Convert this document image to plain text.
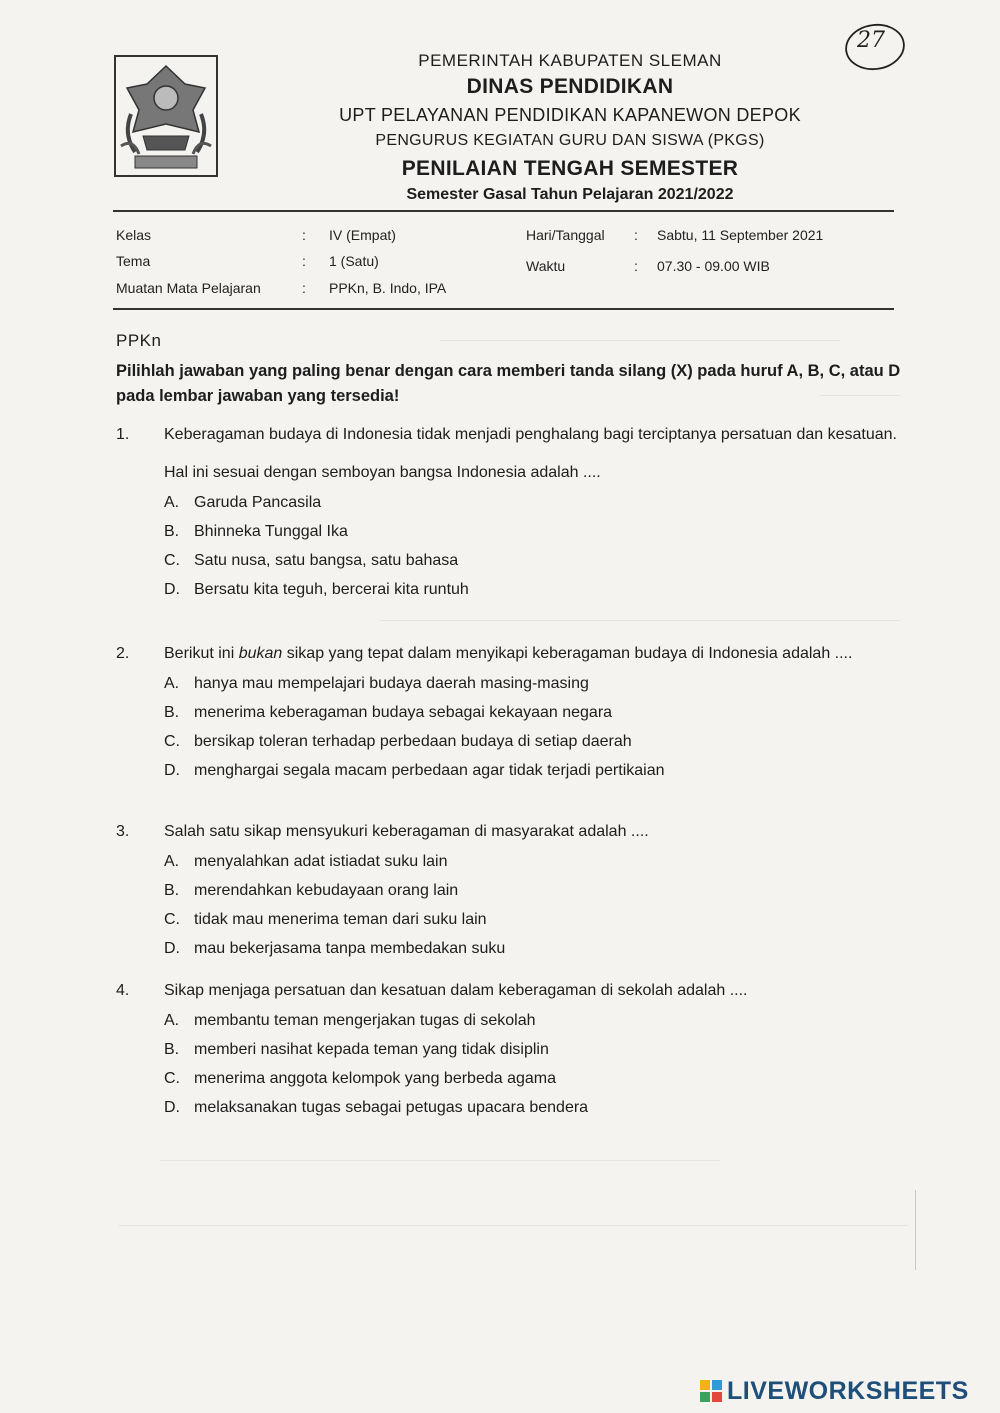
27
PEMERINTAH KABUPATEN SLEMAN
DINAS PENDIDIKAN
UPT PELAYANAN PENDIDIKAN KAPANEWON DEPOK
PENGURUS KEGIATAN GURU DAN SISWA (PKGS)
PENILAIAN TENGAH SEMESTER
Semester Gasal Tahun Pelajaran 2021/2022
Kelas	: IV (Empat)
Tema	: 1 (Satu)
Muatan Mata Pelajaran	: PPKn, B. Indo, IPA
Hari/Tanggal : Sabtu, 11 September 2021
Waktu	: 07.30 - 09.00 WIB
PPKn
Pilihlah jawaban yang paling benar dengan cara memberi tanda silang (X) pada huruf A, B, C, atau D pada lembar jawaban yang tersedia!
1. Keberagaman budaya di Indonesia tidak menjadi penghalang bagi terciptanya persatuan dan kesatuan.
Hal ini sesuai dengan semboyan bangsa Indonesia adalah ....
A. Garuda Pancasila
B. Bhinneka Tunggal Ika
C. Satu nusa, satu bangsa, satu bahasa
D. Bersatu kita teguh, bercerai kita runtuh
2. Berikut ini bukan sikap yang tepat dalam menyikapi keberagaman budaya di Indonesia adalah ....
A. hanya mau mempelajari budaya daerah masing-masing
B. menerima keberagaman budaya sebagai kekayaan negara
C. bersikap toleran terhadap perbedaan budaya di setiap daerah
D. menghargai segala macam perbedaan agar tidak terjadi pertikaian
3. Salah satu sikap mensyukuri keberagaman di masyarakat adalah ....
A. menyalahkan adat istiadat suku lain
B. merendahkan kebudayaan orang lain
C. tidak mau menerima teman dari suku lain
D. mau bekerjasama tanpa membedakan suku
4. Sikap menjaga persatuan dan kesatuan dalam keberagaman di sekolah adalah ....
A. membantu teman mengerjakan tugas di sekolah
B. memberi nasihat kepada teman yang tidak disiplin
C. menerima anggota kelompok yang berbeda agama
D. melaksanakan tugas sebagai petugas upacara bendera
LIVEWORKSHEETS
